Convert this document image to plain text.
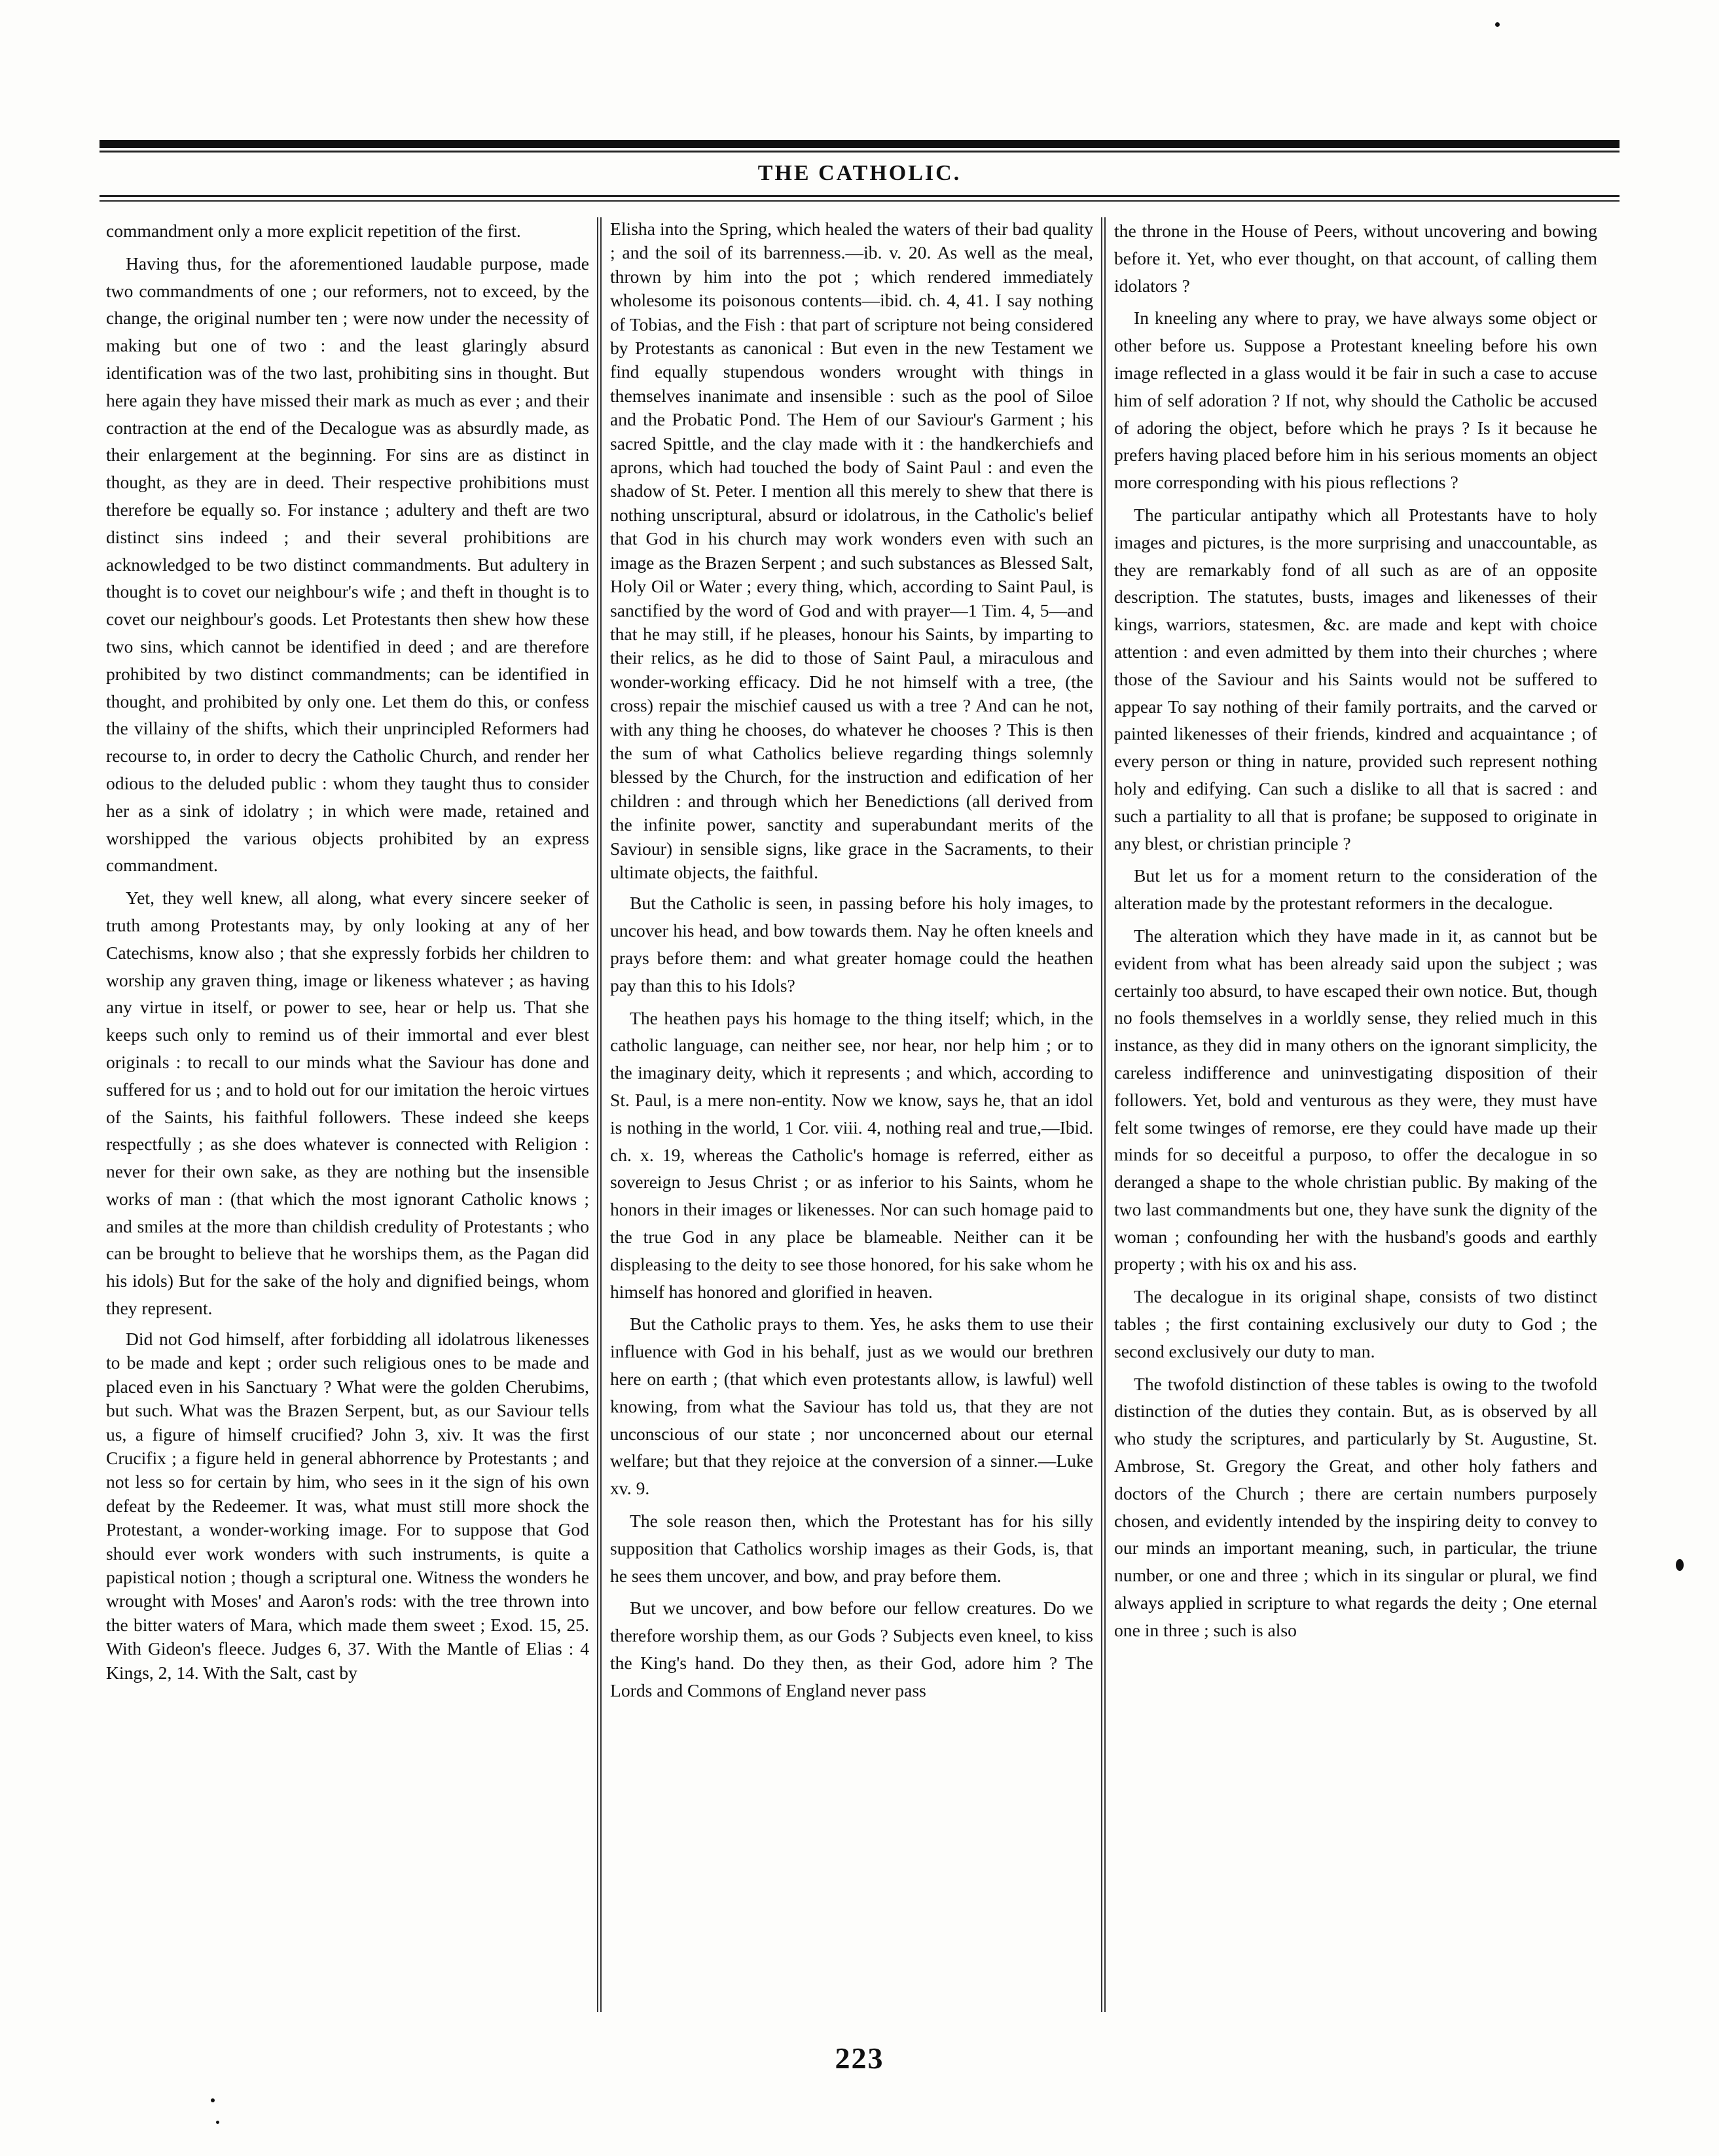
THE CATHOLIC.

commandment only a more explicit repetition of the first.

Having thus, for the aforementioned laudable purpose, made two commandments of one ; our reformers, not to exceed, by the change, the original number ten ; were now under the necessity of making but one of two : and the least glaringly absurd identification was of the two last, prohibiting sins in thought. But here again they have missed their mark as much as ever ; and their contraction at the end of the Decalogue was as absurdly made, as their enlargement at the beginning. For sins are as distinct in thought, as they are in deed. Their respective prohibitions must therefore be equally so. For instance ; adultery and theft are two distinct sins indeed ; and their several prohibitions are acknowledged to be two distinct commandments. But adultery in thought is to covet our neighbour's wife ; and theft in thought is to covet our neighbour's goods. Let Protestants then shew how these two sins, which cannot be identified in deed ; and are therefore prohibited by two distinct commandments; can be identified in thought, and prohibited by only one. Let them do this, or confess the villainy of the shifts, which their unprincipled Reformers had recourse to, in order to decry the Catholic Church, and render her odious to the deluded public : whom they taught thus to consider her as a sink of idolatry ; in which were made, retained and worshipped the various objects prohibited by an express commandment.

Yet, they well knew, all along, what every sincere seeker of truth among Protestants may, by only looking at any of her Catechisms, know also ; that she expressly forbids her children to worship any graven thing, image or likeness whatever ; as having any virtue in itself, or power to see, hear or help us. That she keeps such only to remind us of their immortal and ever blest originals : to recall to our minds what the Saviour has done and suffered for us ; and to hold out for our imitation the heroic virtues of the Saints, his faithful followers. These indeed she keeps respectfully ; as she does whatever is connected with Religion : never for their own sake, as they are nothing but the insensible works of man : (that which the most ignorant Catholic knows ; and smiles at the more than childish credulity of Protestants ; who can be brought to believe that he worships them, as the Pagan did his idols) But for the sake of the holy and dignified beings, whom they represent.

Did not God himself, after forbidding all idolatrous likenesses to be made and kept ; order such religious ones to be made and placed even in his Sanctuary ? What were the golden Cherubims, but such. What was the Brazen Serpent, but, as our Saviour tells us, a figure of himself crucified? John 3, xiv. It was the first Crucifix ; a figure held in general abhorrence by Protestants ; and not less so for certain by him, who sees in it the sign of his own defeat by the Redeemer. It was, what must still more shock the Protestant, a wonder-working image. For to suppose that God should ever work wonders with such instruments, is quite a papistical notion ; though a scriptural one. Witness the wonders he wrought with Moses' and Aaron's rods: with the tree thrown into the bitter waters of Mara, which made them sweet ; Exod. 15, 25. With Gideon's fleece. Judges 6, 37. With the Mantle of Elias : 4 Kings, 2, 14. With the Salt, cast by

Elisha into the Spring, which healed the waters of their bad quality ; and the soil of its barrenness.—ib. v. 20. As well as the meal, thrown by him into the pot ; which rendered immediately wholesome its poisonous contents—ibid. ch. 4, 41. I say nothing of Tobias, and the Fish : that part of scripture not being considered by Protestants as canonical : But even in the new Testament we find equally stupendous wonders wrought with things in themselves inanimate and insensible : such as the pool of Siloe and the Probatic Pond. The Hem of our Saviour's Garment ; his sacred Spittle, and the clay made with it : the handkerchiefs and aprons, which had touched the body of Saint Paul : and even the shadow of St. Peter. I mention all this merely to shew that there is nothing unscriptural, absurd or idolatrous, in the Catholic's belief that God in his church may work wonders even with such an image as the Brazen Serpent ; and such substances as Blessed Salt, Holy Oil or Water ; every thing, which, according to Saint Paul, is sanctified by the word of God and with prayer—1 Tim. 4, 5—and that he may still, if he pleases, honour his Saints, by imparting to their relics, as he did to those of Saint Paul, a miraculous and wonder-working efficacy. Did he not himself with a tree, (the cross) repair the mischief caused us with a tree ? And can he not, with any thing he chooses, do whatever he chooses ? This is then the sum of what Catholics believe regarding things solemnly blessed by the Church, for the instruction and edification of her children : and through which her Benedictions (all derived from the infinite power, sanctity and superabundant merits of the Saviour) in sensible signs, like grace in the Sacraments, to their ultimate objects, the faithful.

But the Catholic is seen, in passing before his holy images, to uncover his head, and bow towards them. Nay he often kneels and prays before them: and what greater homage could the heathen pay than this to his Idols?

The heathen pays his homage to the thing itself; which, in the catholic language, can neither see, nor hear, nor help him ; or to the imaginary deity, which it represents ; and which, according to St. Paul, is a mere non-entity. Now we know, says he, that an idol is nothing in the world, 1 Cor. viii. 4, nothing real and true,—Ibid. ch. x. 19, whereas the Catholic's homage is referred, either as sovereign to Jesus Christ ; or as inferior to his Saints, whom he honors in their images or likenesses. Nor can such homage paid to the true God in any place be blameable. Neither can it be displeasing to the deity to see those honored, for his sake whom he himself has honored and glorified in heaven.

But the Catholic prays to them. Yes, he asks them to use their influence with God in his behalf, just as we would our brethren here on earth ; (that which even protestants allow, is lawful) well knowing, from what the Saviour has told us, that they are not unconscious of our state ; nor unconcerned about our eternal welfare; but that they rejoice at the conversion of a sinner.—Luke xv. 9.

The sole reason then, which the Protestant has for his silly supposition that Catholics worship images as their Gods, is, that he sees them uncover, and bow, and pray before them.

But we uncover, and bow before our fellow creatures. Do we therefore worship them, as our Gods ? Subjects even kneel, to kiss the King's hand. Do they then, as their God, adore him ? The Lords and Commons of England never pass

the throne in the House of Peers, without uncovering and bowing before it. Yet, who ever thought, on that account, of calling them idolators ?

In kneeling any where to pray, we have always some object or other before us. Suppose a Protestant kneeling before his own image reflected in a glass would it be fair in such a case to accuse him of self adoration ? If not, why should the Catholic be accused of adoring the object, before which he prays ? Is it because he prefers having placed before him in his serious moments an object more corresponding with his pious reflections ?

The particular antipathy which all Protestants have to holy images and pictures, is the more surprising and unaccountable, as they are remarkably fond of all such as are of an opposite description. The statutes, busts, images and likenesses of their kings, warriors, statesmen, &c. are made and kept with choice attention : and even admitted by them into their churches ; where those of the Saviour and his Saints would not be suffered to appear To say nothing of their family portraits, and the carved or painted likenesses of their friends, kindred and acquaintance ; of every person or thing in nature, provided such represent nothing holy and edifying. Can such a dislike to all that is sacred : and such a partiality to all that is profane; be supposed to originate in any blest, or christian principle ?

But let us for a moment return to the consideration of the alteration made by the protestant reformers in the decalogue.

The alteration which they have made in it, as cannot but be evident from what has been already said upon the subject ; was certainly too absurd, to have escaped their own notice. But, though no fools themselves in a worldly sense, they relied much in this instance, as they did in many others on the ignorant simplicity, the careless indifference and uninvestigating disposition of their followers. Yet, bold and venturous as they were, they must have felt some twinges of remorse, ere they could have made up their minds for so deceitful a purposo, to offer the decalogue in so deranged a shape to the whole christian public. By making of the two last commandments but one, they have sunk the dignity of the woman ; confounding her with the husband's goods and earthly property ; with his ox and his ass.

The decalogue in its original shape, consists of two distinct tables ; the first containing exclusively our duty to God ; the second exclusively our duty to man.

The twofold distinction of these tables is owing to the twofold distinction of the duties they contain. But, as is observed by all who study the scriptures, and particularly by St. Augustine, St. Ambrose, St. Gregory the Great, and other holy fathers and doctors of the Church ; there are certain numbers purposely chosen, and evidently intended by the inspiring deity to convey to our minds an important meaning, such, in particular, the triune number, or one and three ; which in its singular or plural, we find always applied in scripture to what regards the deity ; One eternal one in three ; such is also

223
